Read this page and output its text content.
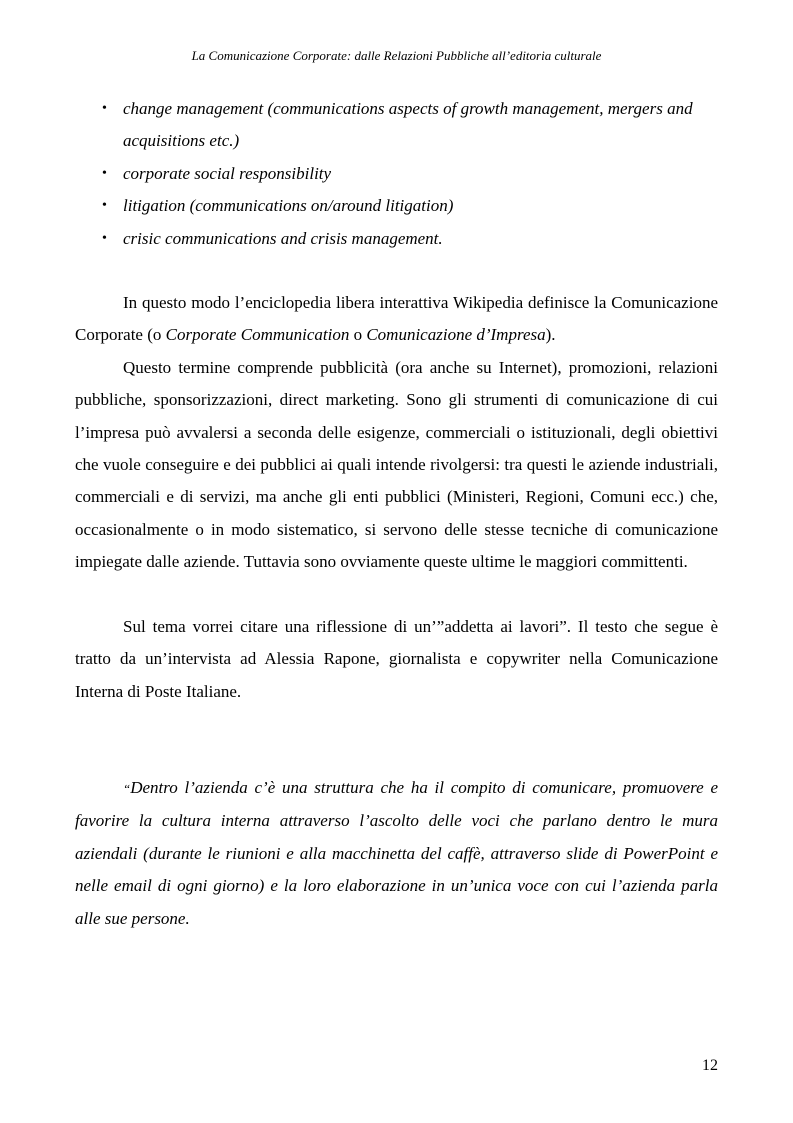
La Comunicazione Corporate: dalle Relazioni Pubbliche all’editoria culturale
• change management (communications aspects of growth management, mergers and acquisitions etc.)
• corporate social responsibility
• litigation (communications on/around litigation)
• crisic communications and crisis management.

In questo modo l’enciclopedia libera interattiva Wikipedia definisce la Comunicazione Corporate (o Corporate Communication o Comunicazione d’Impresa).

Questo termine comprende pubblicità (ora anche su Internet), promozioni, relazioni pubbliche, sponsorizzazioni, direct marketing. Sono gli strumenti di comunicazione di cui l’impresa può avvalersi a seconda delle esigenze, commerciali o istituzionali, degli obiettivi che vuole conseguire e dei pubblici ai quali intende rivolgersi: tra questi le aziende industriali, commerciali e di servizi, ma anche gli enti pubblici (Ministeri, Regioni, Comuni ecc.) che, occasionalmente o in modo sistematico, si servono delle stesse tecniche di comunicazione impiegate dalle aziende. Tuttavia sono ovviamente queste ultime le maggiori committenti.

Sul tema vorrei citare una riflessione di un’”addetta ai lavori”. Il testo che segue è tratto da un’intervista ad Alessia Rapone, giornalista e copywriter nella Comunicazione Interna di Poste Italiane.

“Dentro l’azienda c’è una struttura che ha il compito di comunicare, promuovere e favorire la cultura interna attraverso l’ascolto delle voci che parlano dentro le mura aziendali (durante le riunioni e alla macchinetta del caffè, attraverso slide di PowerPoint e nelle email di ogni giorno) e la loro elaborazione in un’unica voce con cui l’azienda parla alle sue persone.

12
